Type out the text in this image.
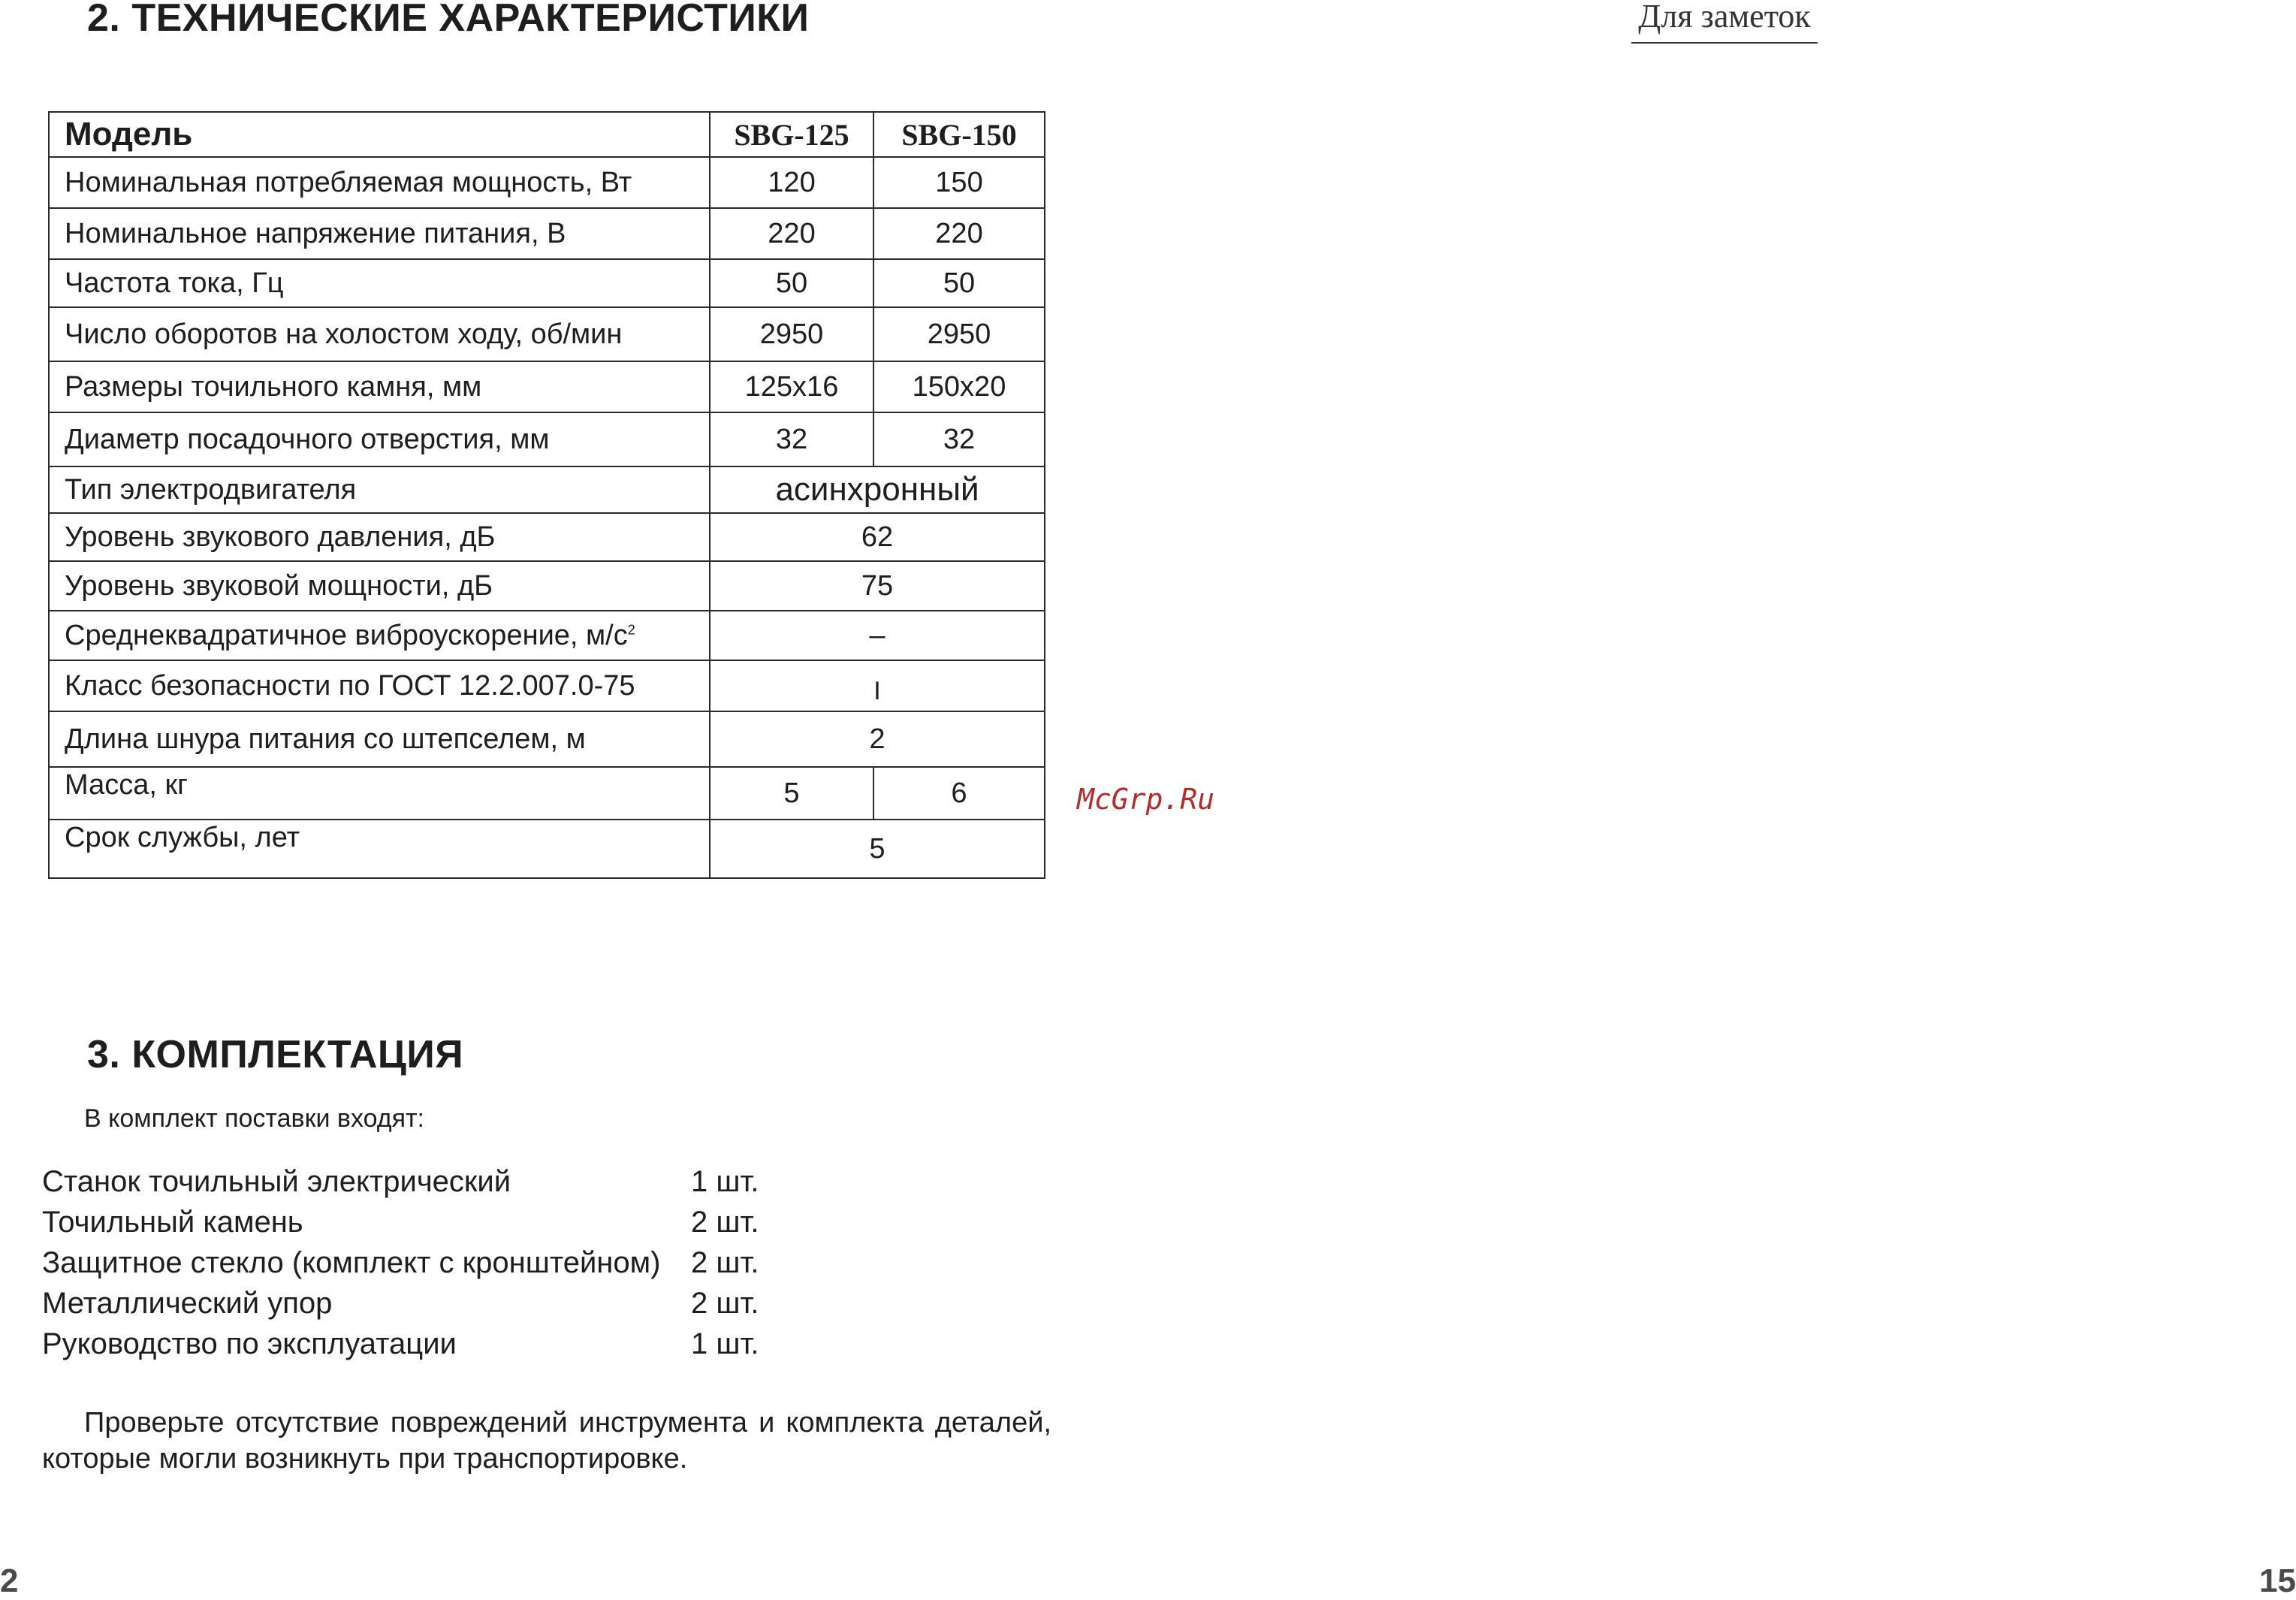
2. ТЕХНИЧЕСКИЕ ХАРАКТЕРИСТИКИ	Для заметок
Модель	SBG-125	SBG-150
Номинальная потребляемая мощность, Вт	120	150
Номинальное напряжение питания, В	220	220
Частота тока, Гц	50	50
Число оборотов на холостом ходу, об/мин	2950	2950
Размеры точильного камня, мм	125x16	150x20
Диаметр посадочного отверстия, мм	32	32
Тип электродвигателя	асинхронный	
Уровень звукового давления, дБ	62	
Уровень звуковой мощности, дБ	75	
Среднеквадратичное виброускорение, $м/с^2$	–	
Класс безопасности по ГОСТ 12.2.007.0-75	I	
Длина шнура питания со штепселем, м	2	
Масса, кг	5	6
Срок службы, лет	5	
McGrp.Ru
3. КОМПЛЕКТАЦИЯ
В комплект поставки входят:
Станок точильный электрический	1 шт.
Точильный камень	2 шт.
Защитное стекло (комплект с кронштейном)	2 шт.
Металлический упор	2 шт.
Руководство по эксплуатации	1 шт.
Проверьте отсутствие повреждений инструмента и комплекта деталей, которые могли возникнуть при транспортировке.
2	15
